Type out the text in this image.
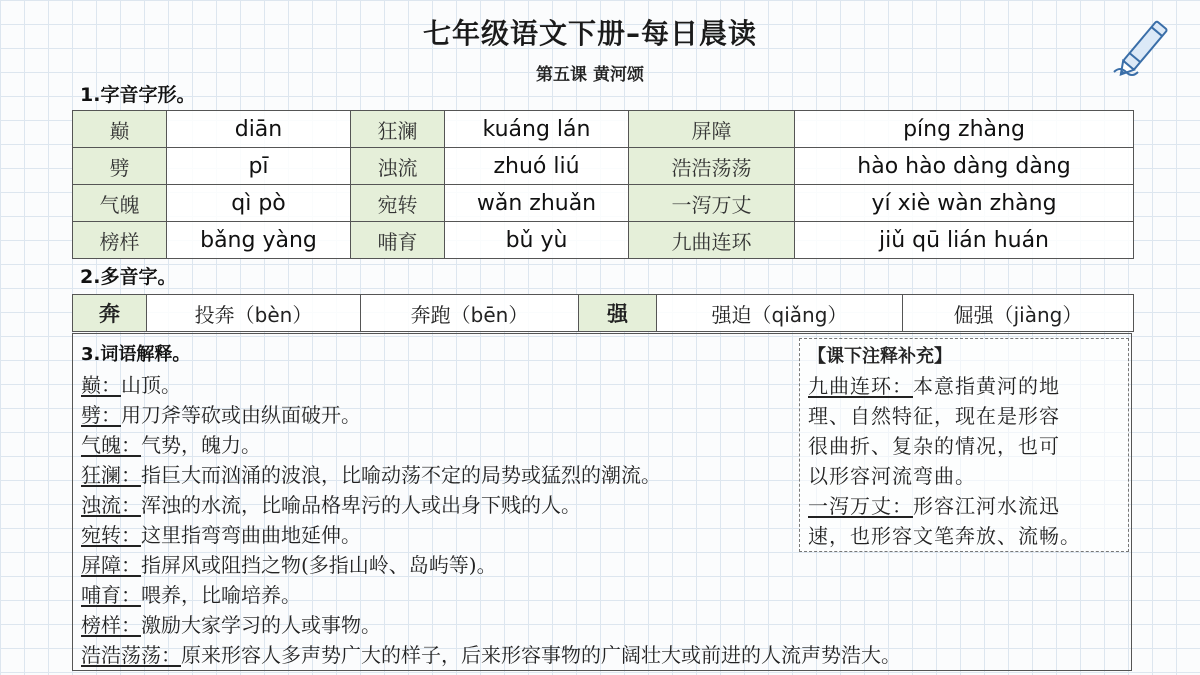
七年级语文下册–每日晨读
第五课 黄河颂
1.字音字形。
巅	diān	狂澜	kuáng lán	屏障	píng zhàng
劈	pī	浊流	zhuó liú	浩浩荡荡	hào hào dàng dàng
气魄	qì pò	宛转	wǎn zhuǎn	一泻万丈	yí xiè wàn zhàng
榜样	bǎng yàng	哺育	bǔ yù	九曲连环	jiǔ qū lián huán
2.多音字。
奔	投奔（bèn）	奔跑（bēn）	强	强迫（qiǎng）	倔强（jiàng）
3.词语解释。
巅：山顶。
劈：用刀斧等砍或由纵面破开。
气魄：气势，魄力。
狂澜：指巨大而汹涌的波浪，比喻动荡不定的局势或猛烈的潮流。
浊流：浑浊的水流，比喻品格卑污的人或出身下贱的人。
宛转：这里指弯弯曲曲地延伸。
屏障：指屏风或阻挡之物(多指山岭、岛屿等)。
哺育：喂养，比喻培养。
榜样：激励大家学习的人或事物。
浩浩荡荡：原来形容人多声势广大的样子，后来形容事物的广阔壮大或前进的人流声势浩大。
【课下注释补充】
九曲连环：本意指黄河的地
理、自然特征，现在是形容
很曲折、复杂的情况，也可
以形容河流弯曲。
一泻万丈：形容江河水流迅
速，也形容文笔奔放、流畅。
